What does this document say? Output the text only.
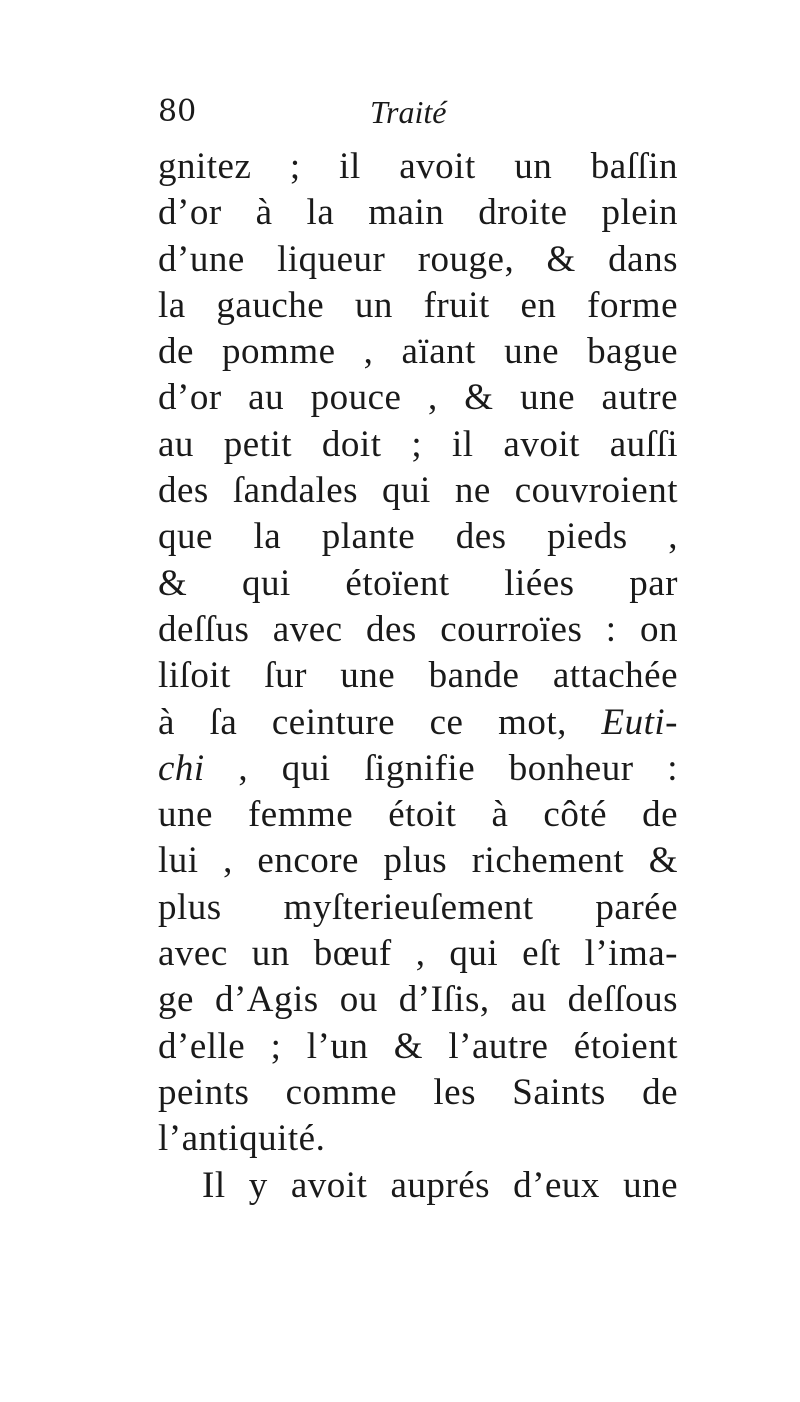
80	Traité
gnitez ; il avoit un baſſin
d’or à la main droite plein
d’une liqueur rouge, & dans
la gauche un fruit en forme
de pomme , aïant une bague
d’or au pouce , & une autre
au petit doit ; il avoit auſſi
des ſandales qui ne couvroient
que la plante des pieds ,
& qui étoïent liées par
deſſus avec des courroïes : on
liſoit ſur une bande attachée
à ſa ceinture ce mot, Euti-
chi , qui ſignifie bonheur :
une femme étoit à côté de
lui , encore plus richement &
plus myſterieuſement parée
avec un bœuf , qui eſt l’ima-
ge d’Agis ou d’Iſis, au deſſous
d’elle ; l’un & l’autre étoient
peints comme les Saints de
l’antiquité.
Il y avoit auprés d’eux une
